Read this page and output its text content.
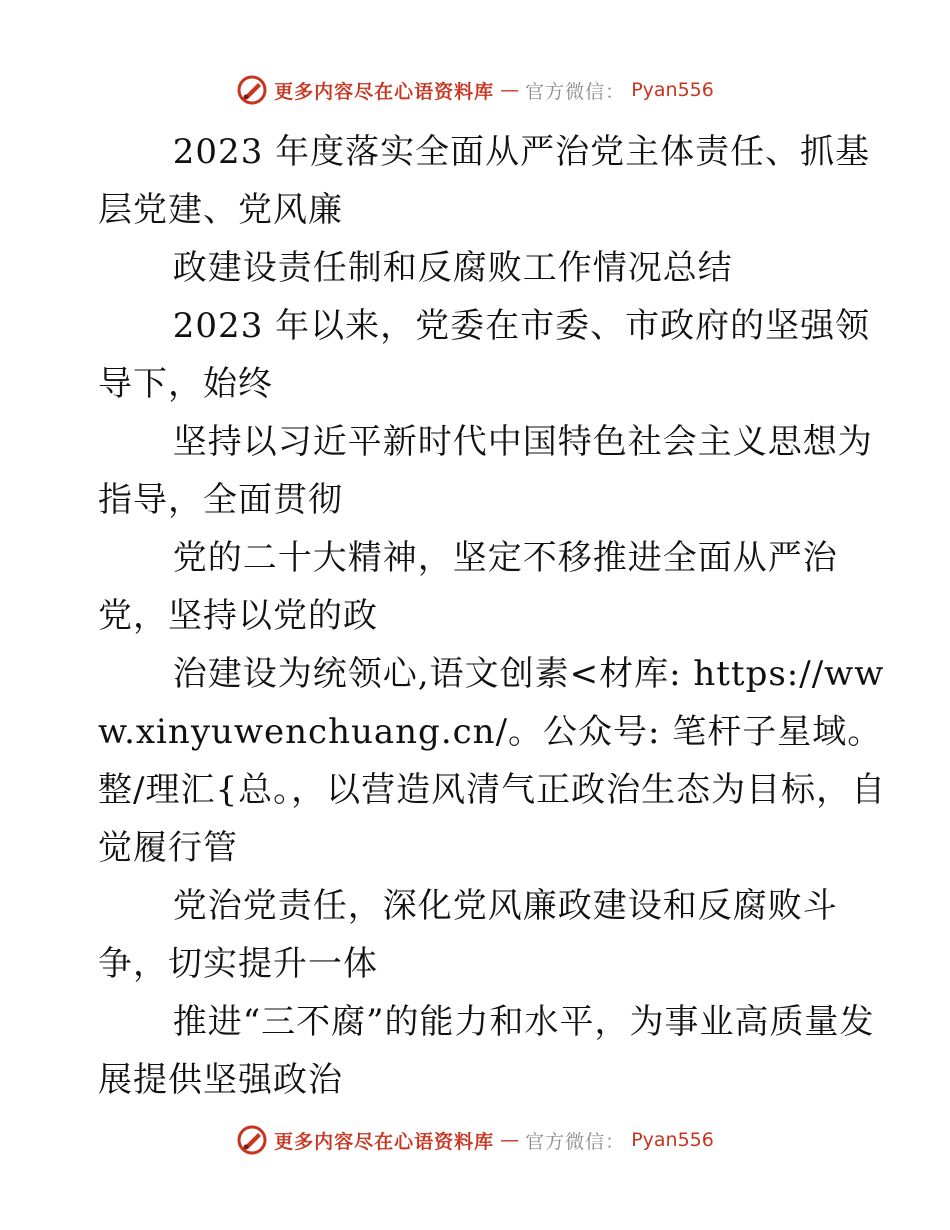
更多内容尽在心语资料库 — 官方微信： Pyan556

2023 年度落实全面从严治党主体责任、抓基层党建、党风廉

政建设责任制和反腐败工作情况总结

2023 年以来，党委在市委、市政府的坚强领导下，始终

坚持以习近平新时代中国特色社会主义思想为指导，全面贯彻

党的二十大精神，坚定不移推进全面从严治党，坚持以党的政

治建设为统领心,语文创素<材库: https://www.xinyuwenchuang.cn/。公众号: 笔杆子星域。整/理汇{总。，以营造风清气正政治生态为目标，自觉履行管

党治党责任，深化党风廉政建设和反腐败斗争，切实提升一体

推进“三不腐”的能力和水平，为事业高质量发展提供坚强政治

更多内容尽在心语资料库 — 官方微信： Pyan556
